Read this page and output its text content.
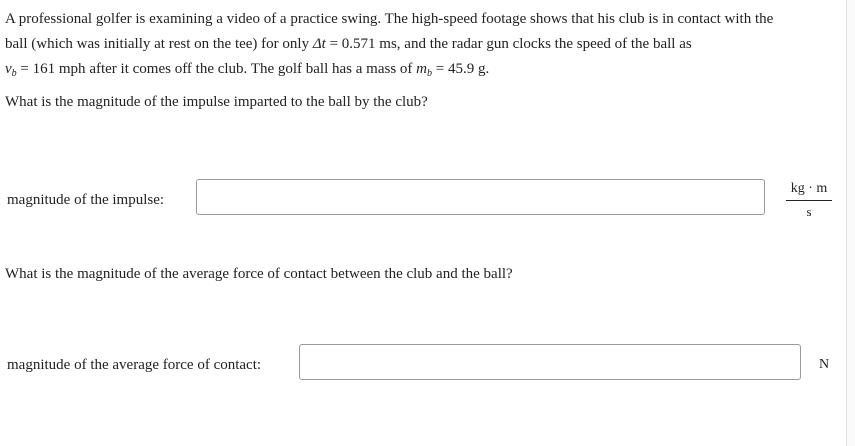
A professional golfer is examining a video of a practice swing. The high-speed footage shows that his club is in contact with the

ball (which was initially at rest on the tee) for only Δt = 0.571 ms, and the radar gun clocks the speed of the ball as

$v_b = 161$ mph after it comes off the club. The golf ball has a mass of $m_b = 45.9$ g.

What is the magnitude of the impulse imparted to the ball by the club?
magnitude of the impulse:
kg · m
s
What is the magnitude of the average force of contact between the club and the ball?
magnitude of the average force of contact:	N
